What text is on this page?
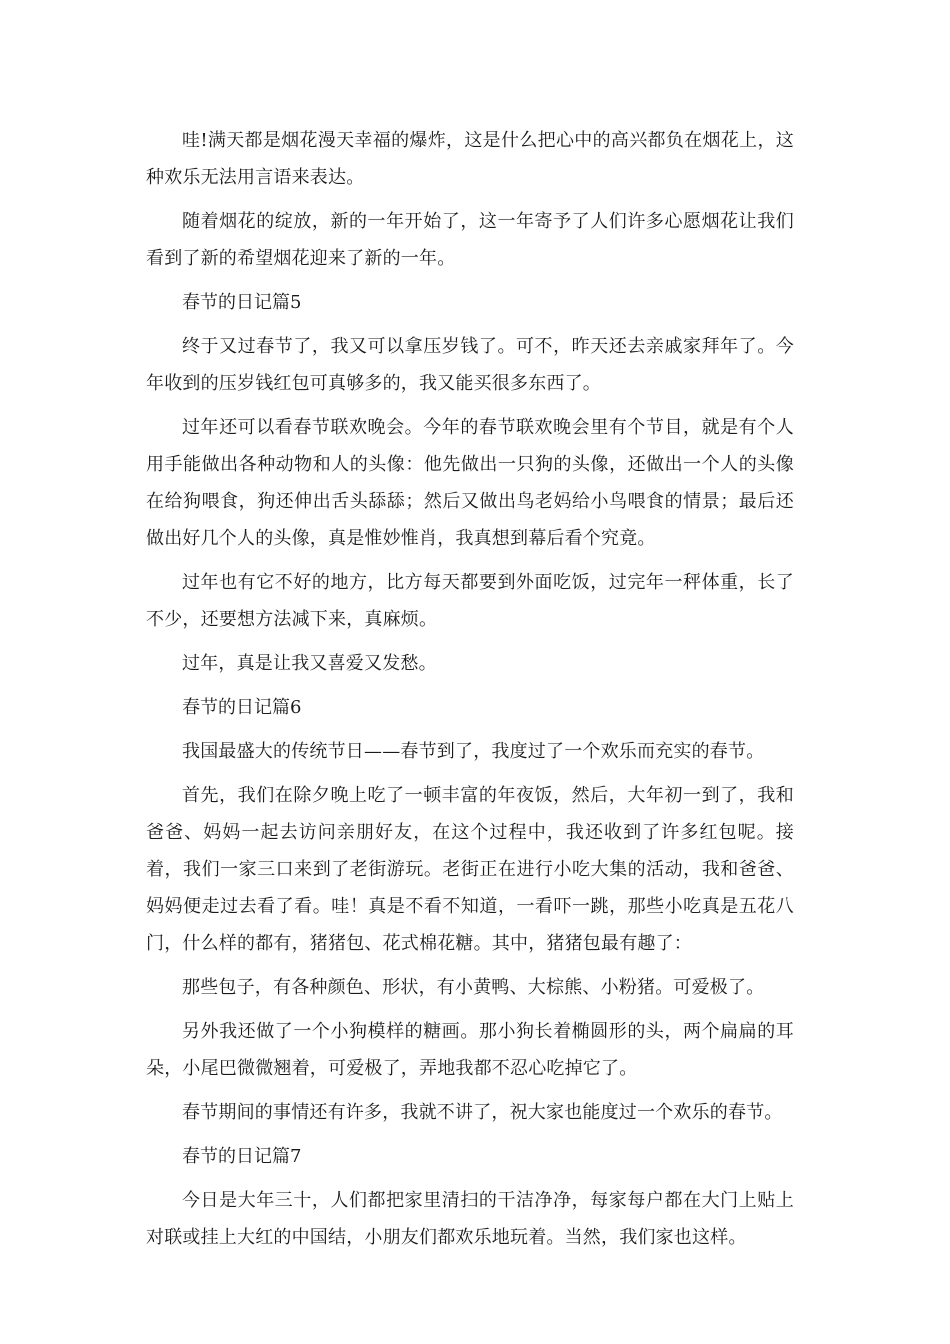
哇!满天都是烟花漫天幸福的爆炸，这是什么把心中的高兴都负在烟花上，这种欢乐无法用言语来表达。

随着烟花的绽放，新的一年开始了，这一年寄予了人们许多心愿烟花让我们看到了新的希望烟花迎来了新的一年。

春节的日记篇5

终于又过春节了，我又可以拿压岁钱了。可不，昨天还去亲戚家拜年了。今年收到的压岁钱红包可真够多的，我又能买很多东西了。

过年还可以看春节联欢晚会。今年的春节联欢晚会里有个节目，就是有个人用手能做出各种动物和人的头像：他先做出一只狗的头像，还做出一个人的头像在给狗喂食，狗还伸出舌头舔舔；然后又做出鸟老妈给小鸟喂食的情景；最后还做出好几个人的头像，真是惟妙惟肖，我真想到幕后看个究竟。

过年也有它不好的地方，比方每天都要到外面吃饭，过完年一秤体重，长了不少，还要想方法减下来，真麻烦。

过年，真是让我又喜爱又发愁。

春节的日记篇6

我国最盛大的传统节日——春节到了，我度过了一个欢乐而充实的春节。

首先，我们在除夕晚上吃了一顿丰富的年夜饭，然后，大年初一到了，我和爸爸、妈妈一起去访问亲朋好友，在这个过程中，我还收到了许多红包呢。接着，我们一家三口来到了老街游玩。老街正在进行小吃大集的活动，我和爸爸、妈妈便走过去看了看。哇！真是不看不知道，一看吓一跳，那些小吃真是五花八门，什么样的都有，猪猪包、花式棉花糖。其中，猪猪包最有趣了：

那些包子，有各种颜色、形状，有小黄鸭、大棕熊、小粉猪。可爱极了。

另外我还做了一个小狗模样的糖画。那小狗长着椭圆形的头，两个扁扁的耳朵，小尾巴微微翘着，可爱极了，弄地我都不忍心吃掉它了。

春节期间的事情还有许多，我就不讲了，祝大家也能度过一个欢乐的春节。

春节的日记篇7

今日是大年三十，人们都把家里清扫的干洁净净，每家每户都在大门上贴上对联或挂上大红的中国结，小朋友们都欢乐地玩着。当然，我们家也这样。
